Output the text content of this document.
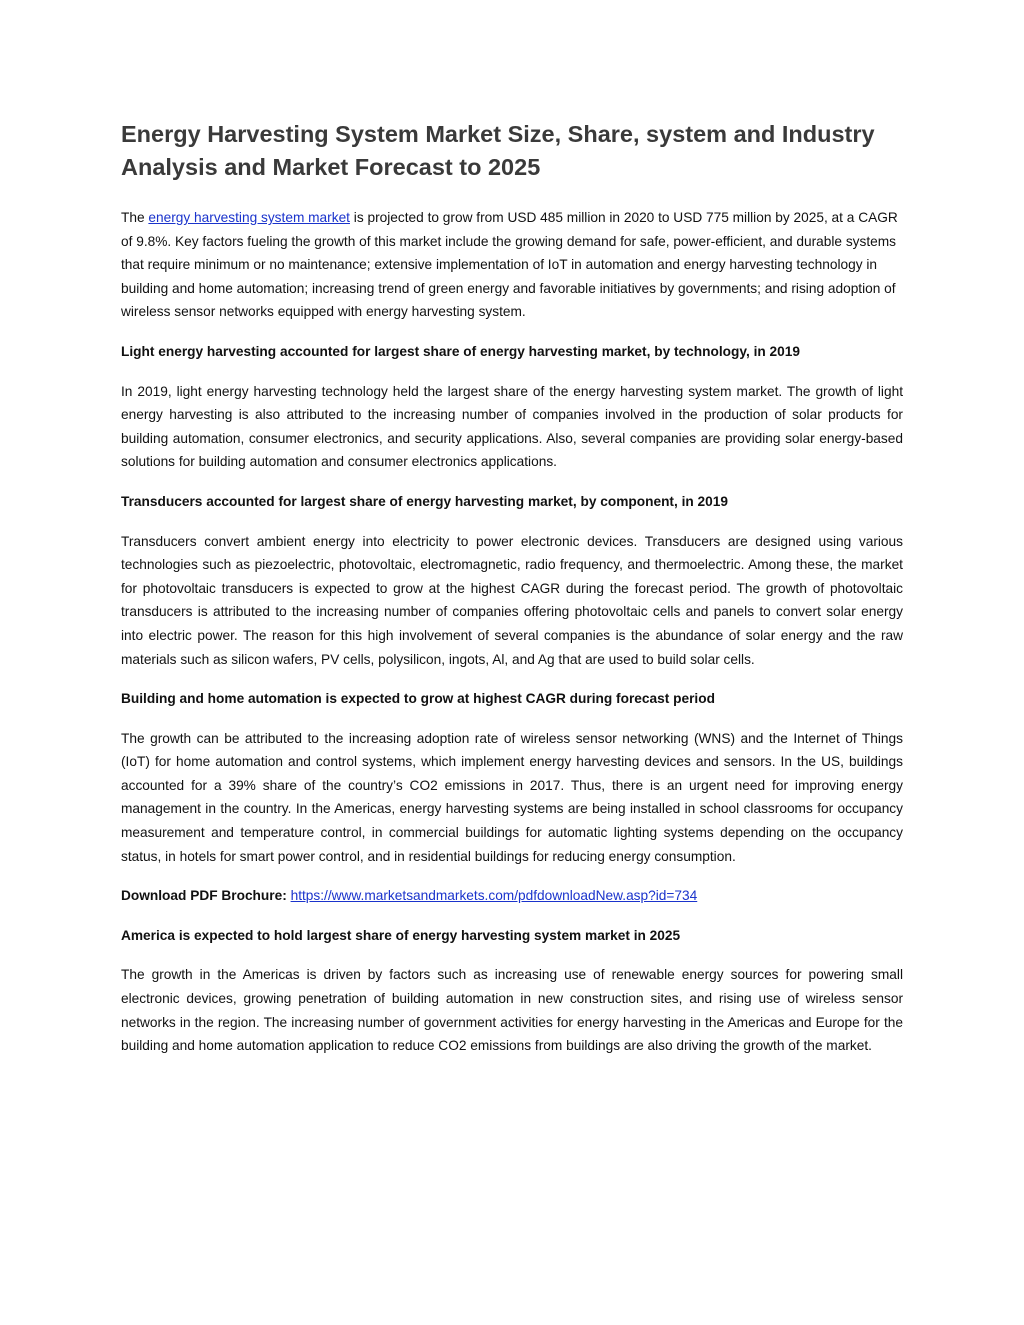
Energy Harvesting System Market Size, Share, system and Industry Analysis and Market Forecast to 2025

The energy harvesting system market is projected to grow from USD 485 million in 2020 to USD 775 million by 2025, at a CAGR of 9.8%. Key factors fueling the growth of this market include the growing demand for safe, power-efficient, and durable systems that require minimum or no maintenance; extensive implementation of IoT in automation and energy harvesting technology in building and home automation; increasing trend of green energy and favorable initiatives by governments; and rising adoption of wireless sensor networks equipped with energy harvesting system.

Light energy harvesting accounted for largest share of energy harvesting market, by technology, in 2019

In 2019, light energy harvesting technology held the largest share of the energy harvesting system market. The growth of light energy harvesting is also attributed to the increasing number of companies involved in the production of solar products for building automation, consumer electronics, and security applications. Also, several companies are providing solar energy-based solutions for building automation and consumer electronics applications.

Transducers accounted for largest share of energy harvesting market, by component, in 2019

Transducers convert ambient energy into electricity to power electronic devices. Transducers are designed using various technologies such as piezoelectric, photovoltaic, electromagnetic, radio frequency, and thermoelectric. Among these, the market for photovoltaic transducers is expected to grow at the highest CAGR during the forecast period. The growth of photovoltaic transducers is attributed to the increasing number of companies offering photovoltaic cells and panels to convert solar energy into electric power. The reason for this high involvement of several companies is the abundance of solar energy and the raw materials such as silicon wafers, PV cells, polysilicon, ingots, Al, and Ag that are used to build solar cells.

Building and home automation is expected to grow at highest CAGR during forecast period

The growth can be attributed to the increasing adoption rate of wireless sensor networking (WNS) and the Internet of Things (IoT) for home automation and control systems, which implement energy harvesting devices and sensors. In the US, buildings accounted for a 39% share of the country’s CO2 emissions in 2017. Thus, there is an urgent need for improving energy management in the country. In the Americas, energy harvesting systems are being installed in school classrooms for occupancy measurement and temperature control, in commercial buildings for automatic lighting systems depending on the occupancy status, in hotels for smart power control, and in residential buildings for reducing energy consumption.

Download PDF Brochure: https://www.marketsandmarkets.com/pdfdownloadNew.asp?id=734

America is expected to hold largest share of energy harvesting system market in 2025

The growth in the Americas is driven by factors such as increasing use of renewable energy sources for powering small electronic devices, growing penetration of building automation in new construction sites, and rising use of wireless sensor networks in the region. The increasing number of government activities for energy harvesting in the Americas and Europe for the building and home automation application to reduce CO2 emissions from buildings are also driving the growth of the market.
